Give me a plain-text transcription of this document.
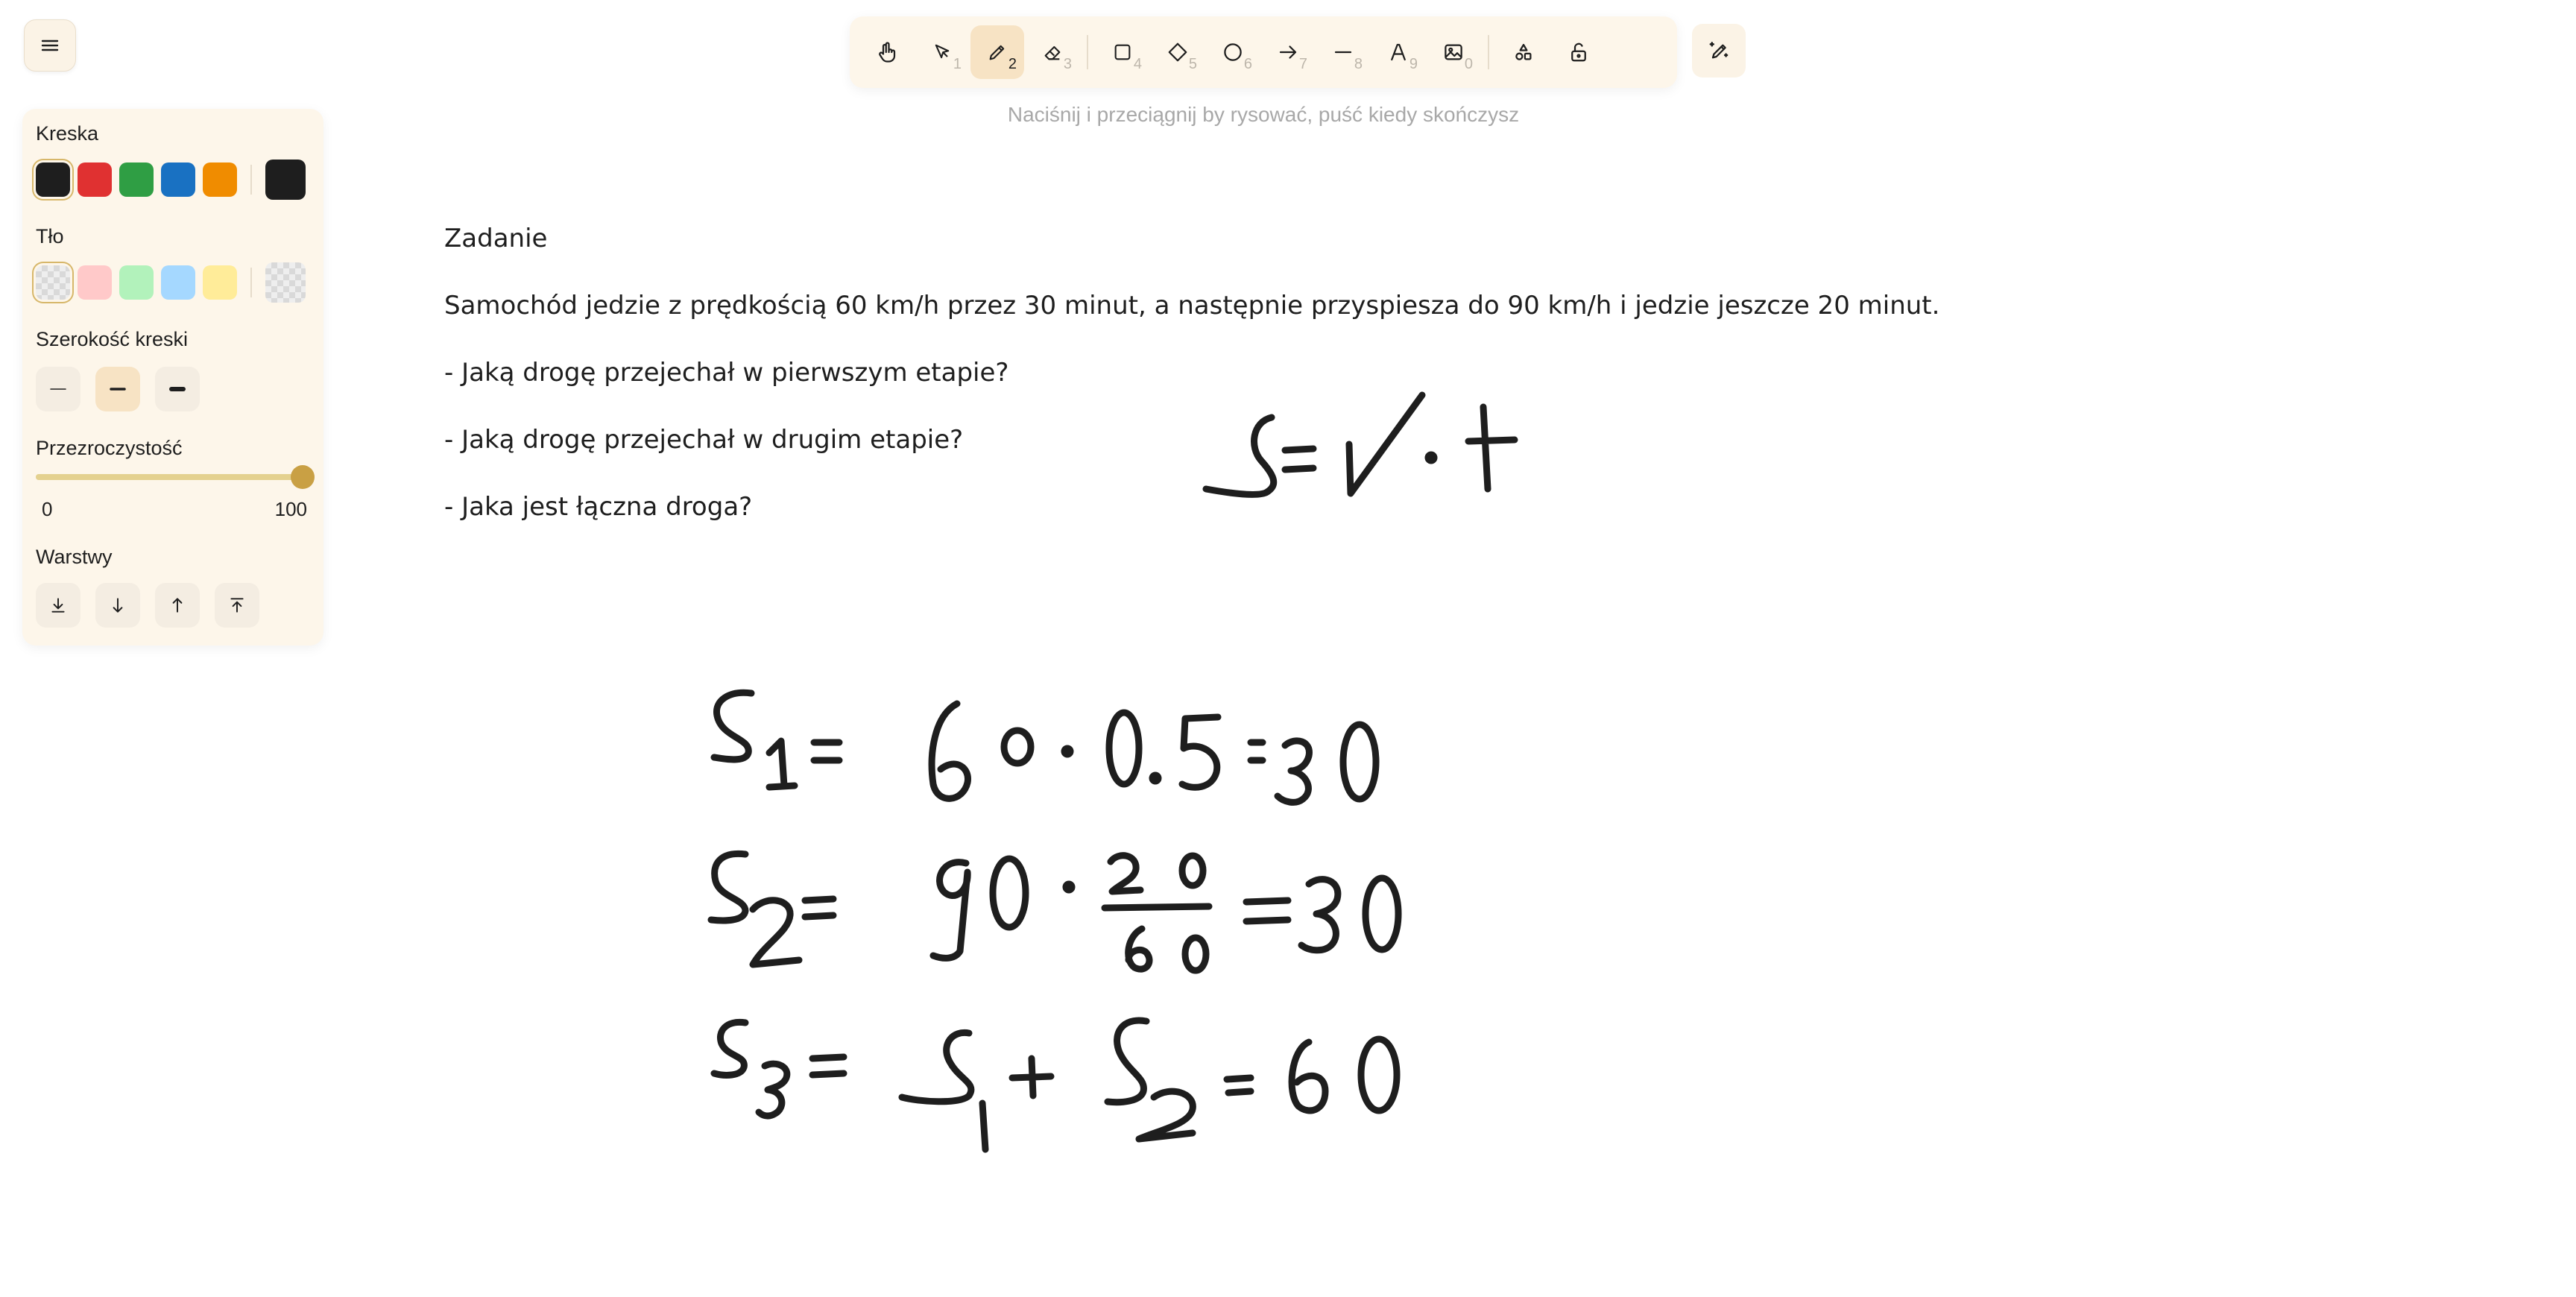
1	2	3	4	5	6	7	8	9	0
Naciśnij i przeciągnij by rysować, puść kiedy skończysz
Kreska
Tło
Szerokość kreski
Przezroczystość
0	100
Warstwy
Zadanie
Samochód jedzie z prędkością 60 km/h przez 30 minut, a następnie przyspiesza do 90 km/h i jedzie jeszcze 20 minut.
- Jaką drogę przejechał w pierwszym etapie?
- Jaką drogę przejechał w drugim etapie?
- Jaka jest łączna droga?
